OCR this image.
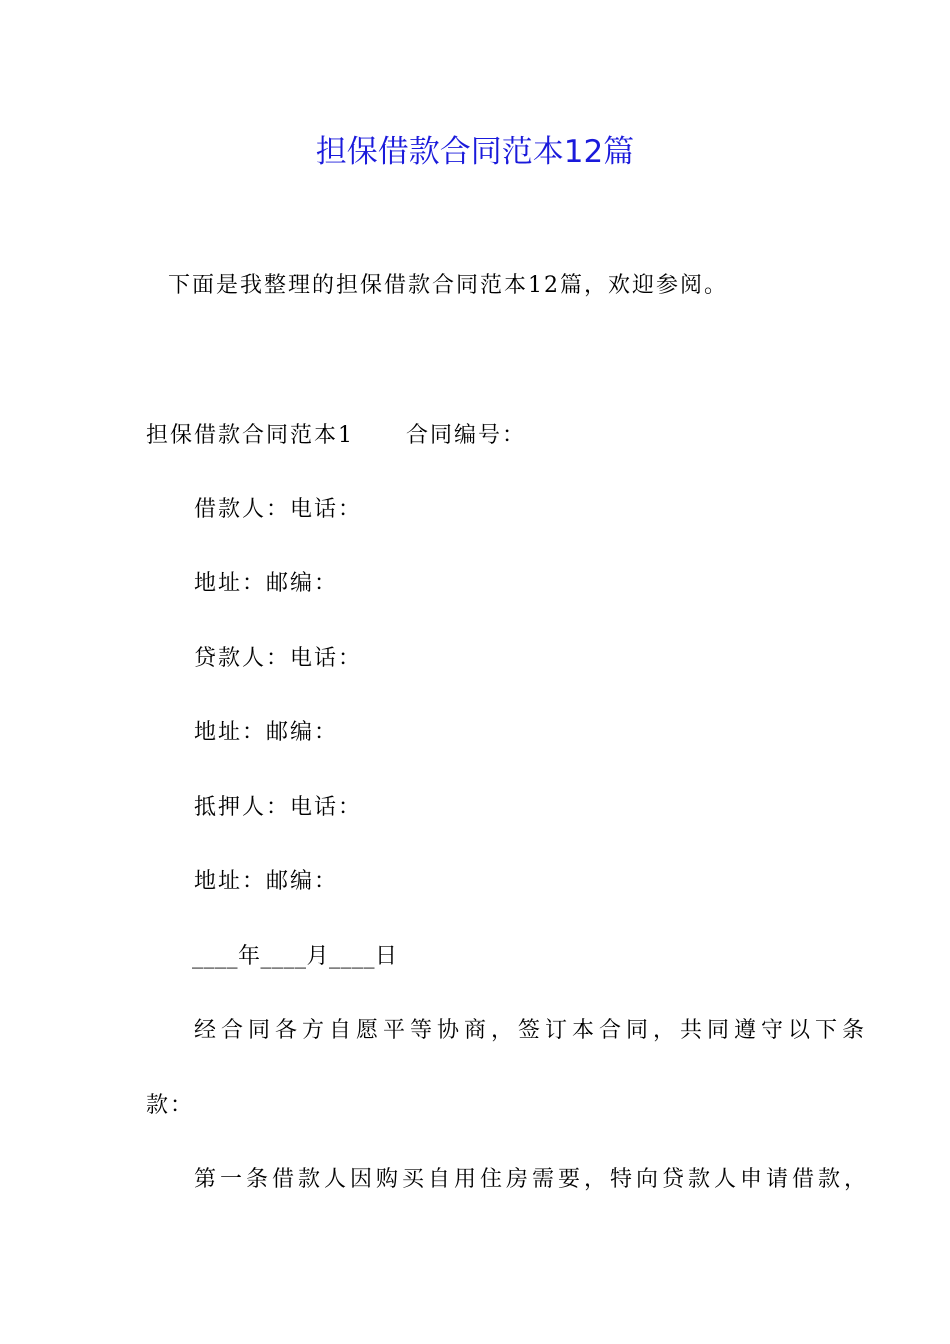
担保借款合同范本12篇
下面是我整理的担保借款合同范本12篇，欢迎参阅。
担保借款合同范本1 合同编号：
借款人：电话：
地址：邮编：
贷款人：电话：
地址：邮编：
抵押人：电话：
地址：邮编：
____年____月____日
经合同各方自愿平等协商，签订本合同，共同遵守以下条
款：
第一条借款人因购买自用住房需要，特向贷款人申请借款，
